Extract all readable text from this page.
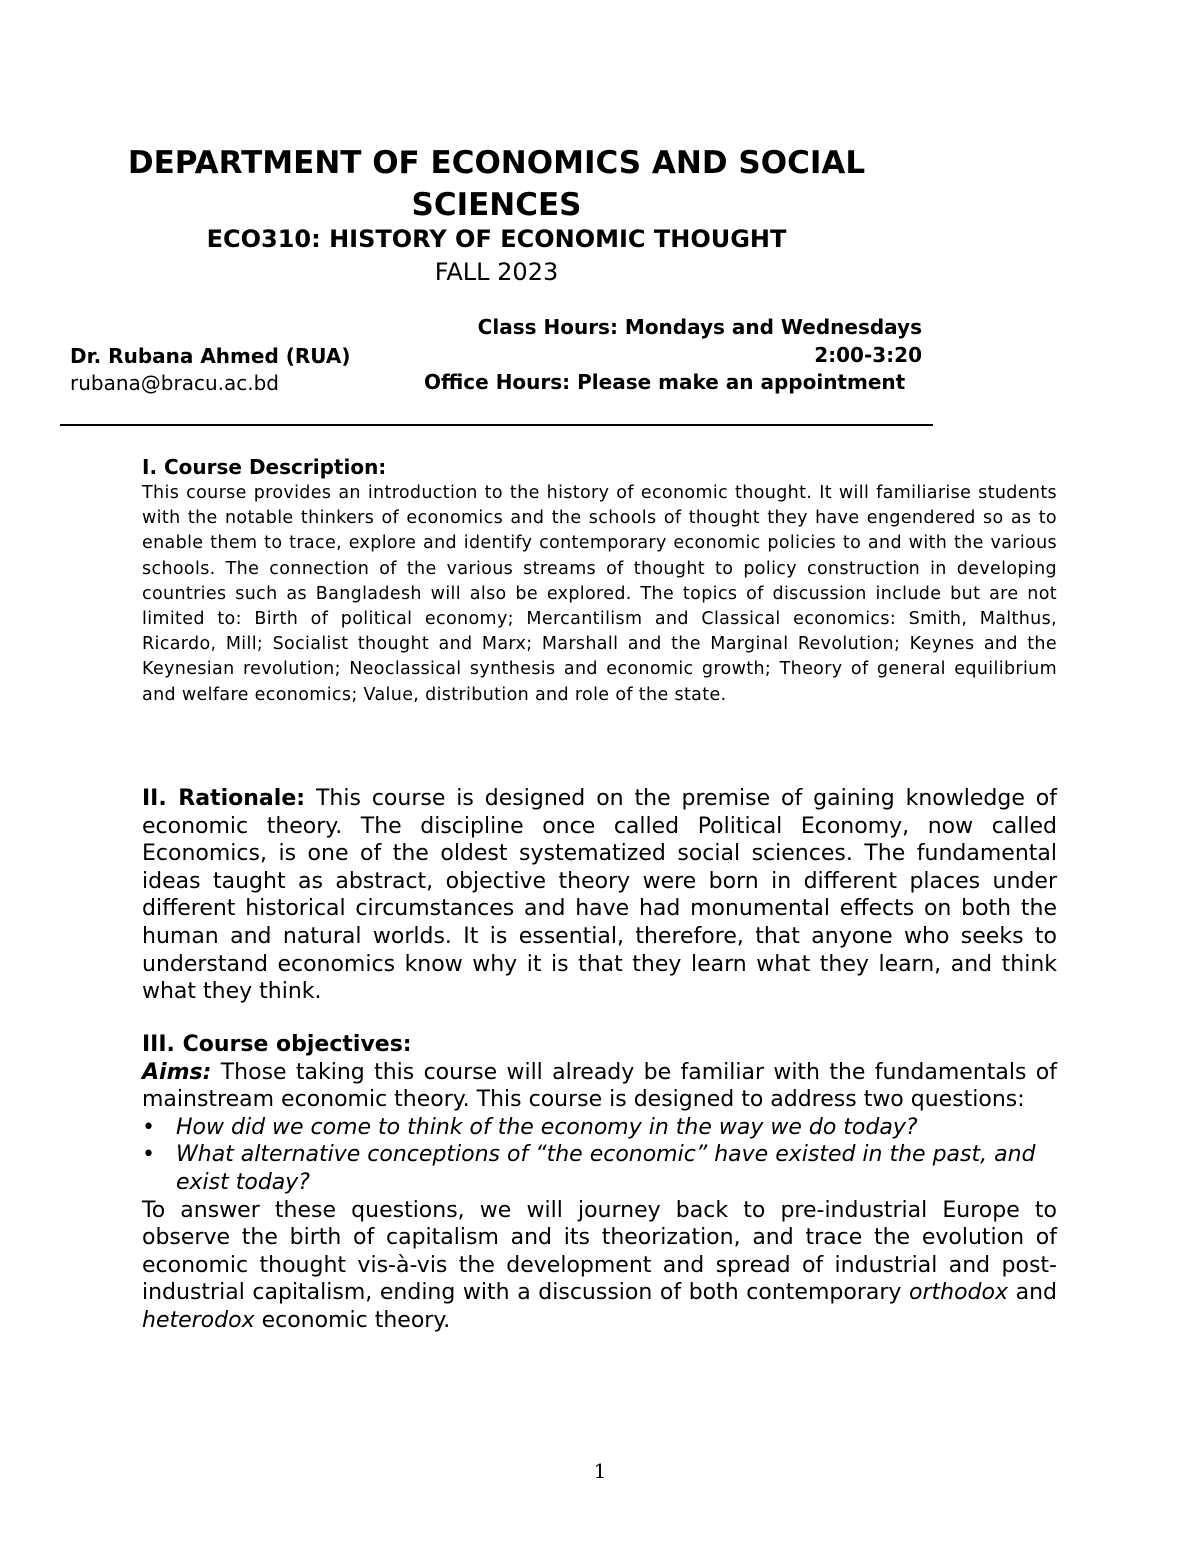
DEPARTMENT OF ECONOMICS AND SOCIAL SCIENCES

ECO310: HISTORY OF ECONOMIC THOUGHT

FALL 2023

Dr. Rubana Ahmed (RUA)
rubana@bracu.ac.bd
Class Hours: Mondays and Wednesdays 2:00-3:20
Office Hours: Please make an appointment
I. Course Description:

This course provides an introduction to the history of economic thought. It will familiarise students with the notable thinkers of economics and the schools of thought they have engendered so as to enable them to trace, explore and identify contemporary economic policies to and with the various schools. The connection of the various streams of thought to policy construction in developing countries such as Bangladesh will also be explored. The topics of discussion include but are not limited to: Birth of political economy; Mercantilism and Classical economics: Smith, Malthus, Ricardo, Mill; Socialist thought and Marx; Marshall and the Marginal Revolution; Keynes and the Keynesian revolution; Neoclassical synthesis and economic growth; Theory of general equilibrium and welfare economics; Value, distribution and role of the state.

II. Rationale: This course is designed on the premise of gaining knowledge of economic theory. The discipline once called Political Economy, now called Economics, is one of the oldest systematized social sciences. The fundamental ideas taught as abstract, objective theory were born in different places under different historical circumstances and have had monumental effects on both the human and natural worlds. It is essential, therefore, that anyone who seeks to understand economics know why it is that they learn what they learn, and think what they think.

III. Course objectives:

Aims: Those taking this course will already be familiar with the fundamentals of mainstream economic theory. This course is designed to address two questions:

• How did we come to think of the economy in the way we do today?
• What alternative conceptions of “the economic” have existed in the past, and exist today?

To answer these questions, we will journey back to pre-industrial Europe to observe the birth of capitalism and its theorization, and trace the evolution of economic thought vis-à-vis the development and spread of industrial and post-industrial capitalism, ending with a discussion of both contemporary orthodox and heterodox economic theory.

1
